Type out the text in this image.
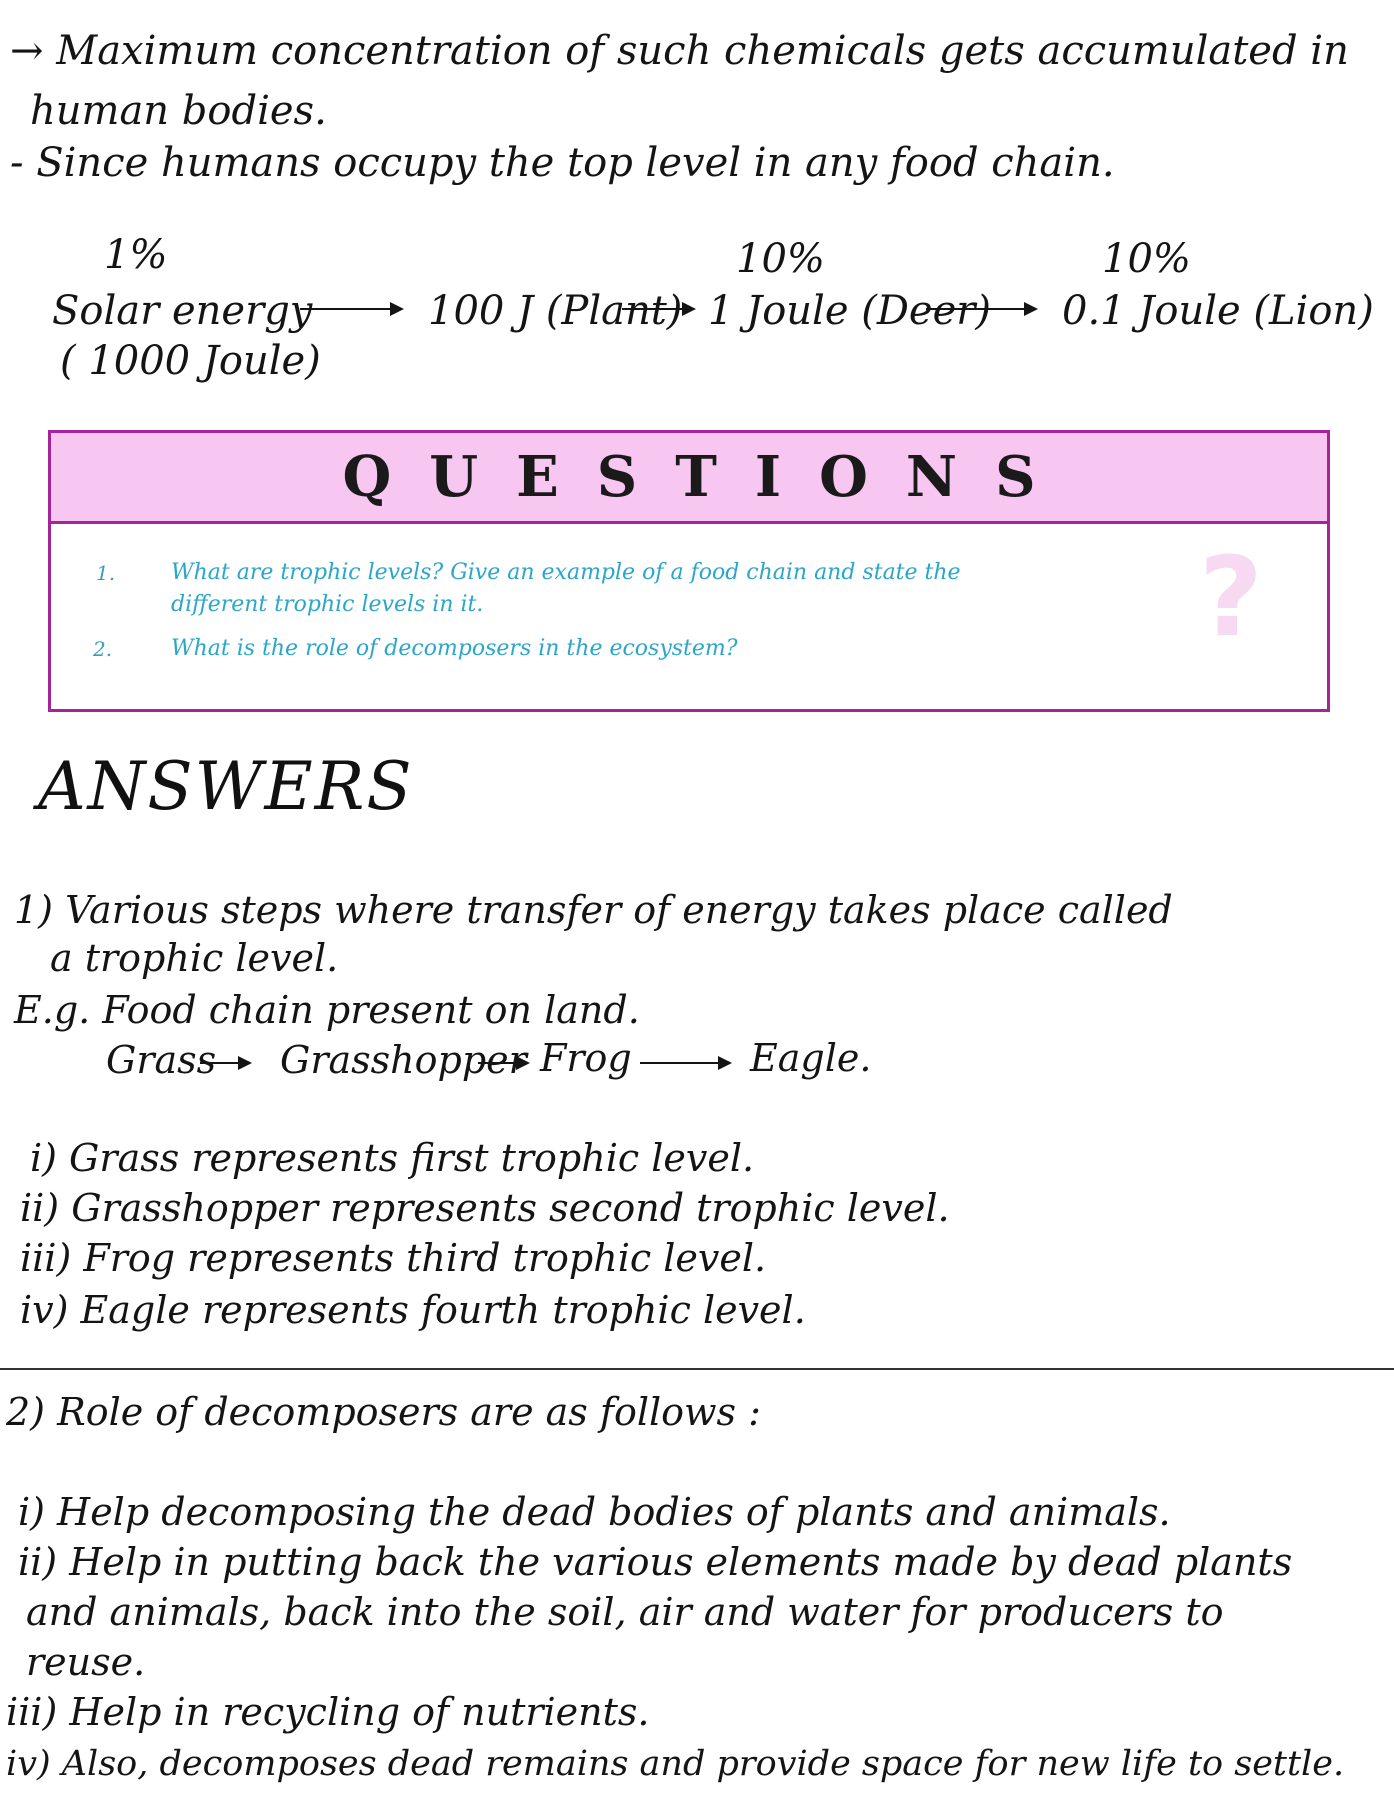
→ Maximum concentration of such chemicals gets accumulated in
human bodies.
- Since humans occupy the top level in any food chain.
1%
Solar energy
( 1000 Joule)
100 J (Plant)
10%
1 Joule (Deer)
10%
0.1 Joule (Lion)
QUESTIONS
?
1.	What are trophic levels? Give an example of a food chain and state the
different trophic levels in it.
2.	What is the role of decomposers in the ecosystem?
ANSWERS
1) Various steps where transfer of energy takes place called
a trophic level.
E.g. Food chain present on land.
Grass Grasshopper Frog	Eagle.
i) Grass represents first trophic level.
ii) Grasshopper represents second trophic level.
iii) Frog represents third trophic level.
iv) Eagle represents fourth trophic level.
2) Role of decomposers are as follows :
i) Help decomposing the dead bodies of plants and animals.
ii) Help in putting back the various elements made by dead plants
and animals, back into the soil, air and water for producers to
reuse.
iii) Help in recycling of nutrients.
iv) Also, decomposes dead remains and provide space for new life to settle.
